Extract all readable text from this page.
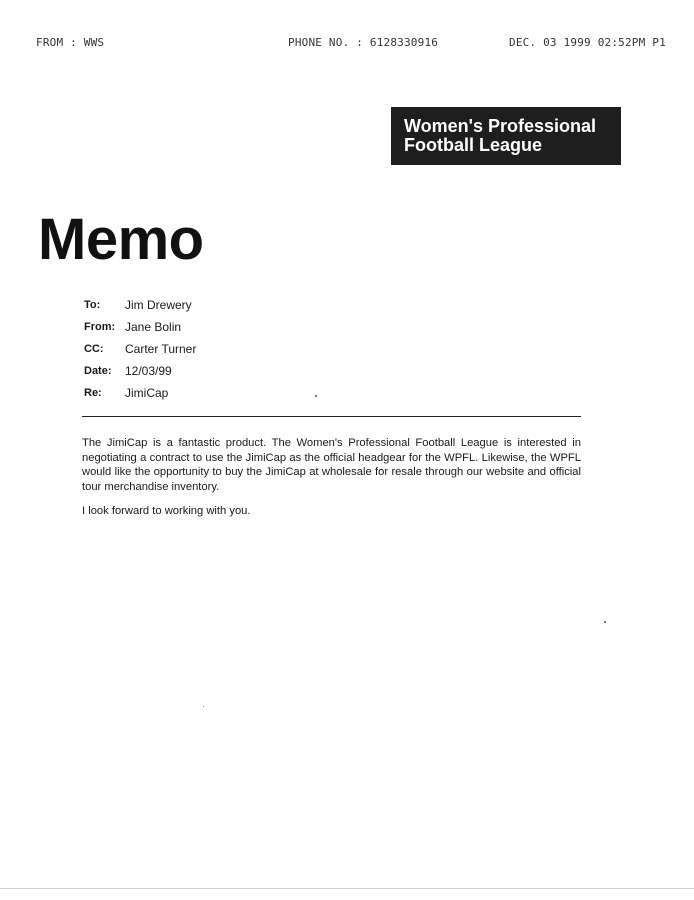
FROM : WWS	PHONE NO. : 6128330916	DEC. 03 1999 02:52PM P1
Women's Professional
Football League
Memo
To: Jim Drewery
From: Jane Bolin
CC: Carter Turner
Date: 12/03/99
Re: JimiCap

The JimiCap is a fantastic product. The Women's Professional Football League is interested in negotiating a contract to use the JimiCap as the official headgear for the WPFL. Likewise, the WPFL would like the opportunity to buy the JimiCap at wholesale for resale through our website and official tour merchandise inventory.

I look forward to working with you.
